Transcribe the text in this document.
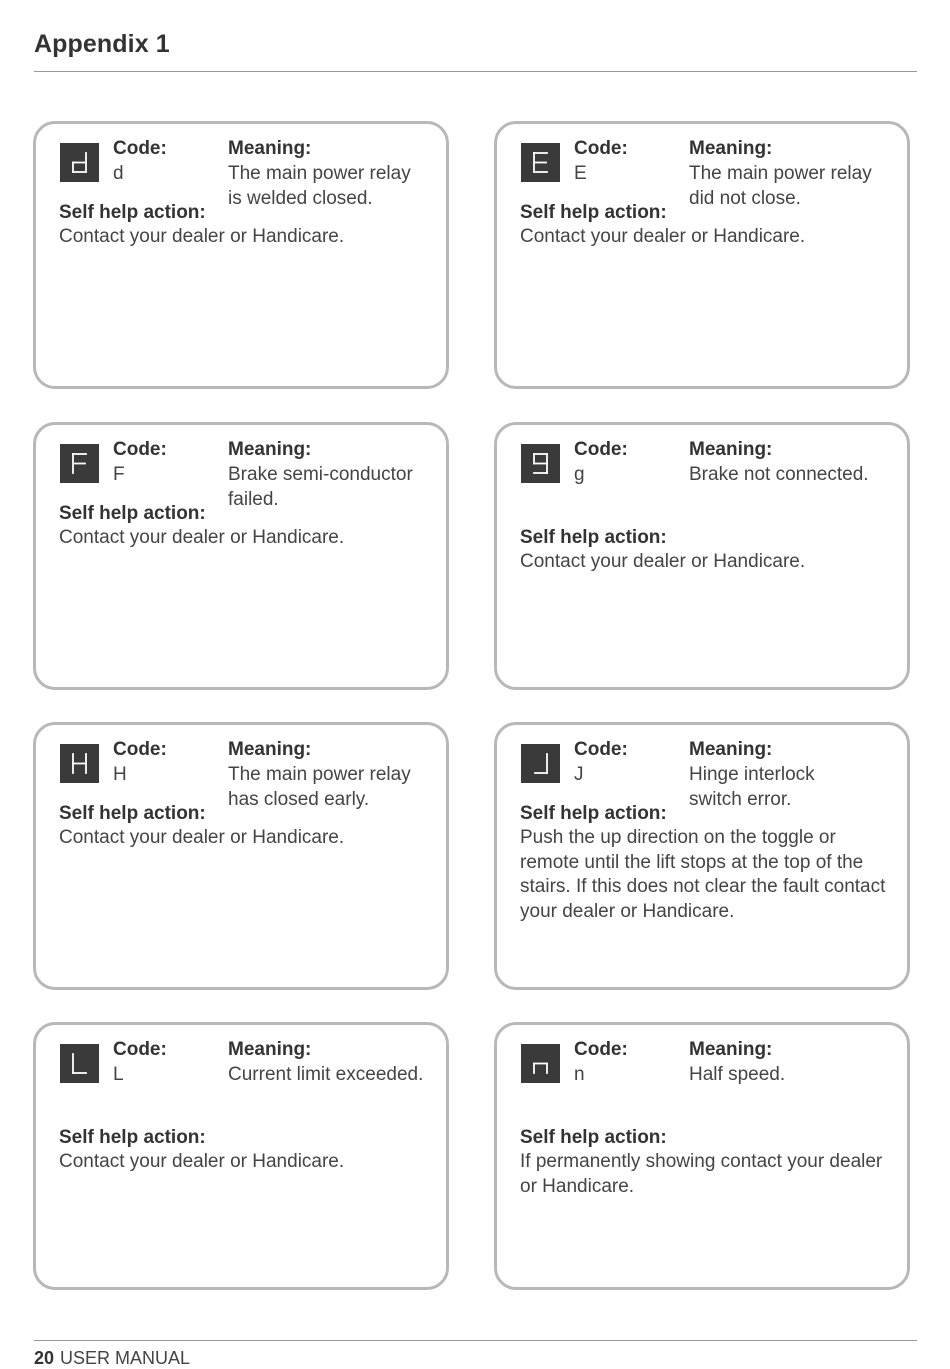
Appendix 1
Code:
d
Meaning:
The main power relay
is welded closed.
Self help action:
Contact your dealer or Handicare.
Code:
E
Meaning:
The main power relay
did not close.
Self help action:
Contact your dealer or Handicare.
Code:
F
Meaning:
Brake semi-conductor
failed.
Self help action:
Contact your dealer or Handicare.
Code:
g
Meaning:
Brake not connected.
Self help action:
Contact your dealer or Handicare.
Code:
H
Meaning:
The main power relay
has closed early.
Self help action:
Contact your dealer or Handicare.
Code:
J
Meaning:
Hinge interlock
switch error.
Self help action:
Push the up direction on the toggle or
remote until the lift stops at the top of the
stairs. If this does not clear the fault contact
your dealer or Handicare.
Code:
L
Meaning:
Current limit exceeded.
Self help action:
Contact your dealer or Handicare.
Code:
n
Meaning:
Half speed.
Self help action:
If permanently showing contact your dealer
or Handicare.
20 USER MANUAL
